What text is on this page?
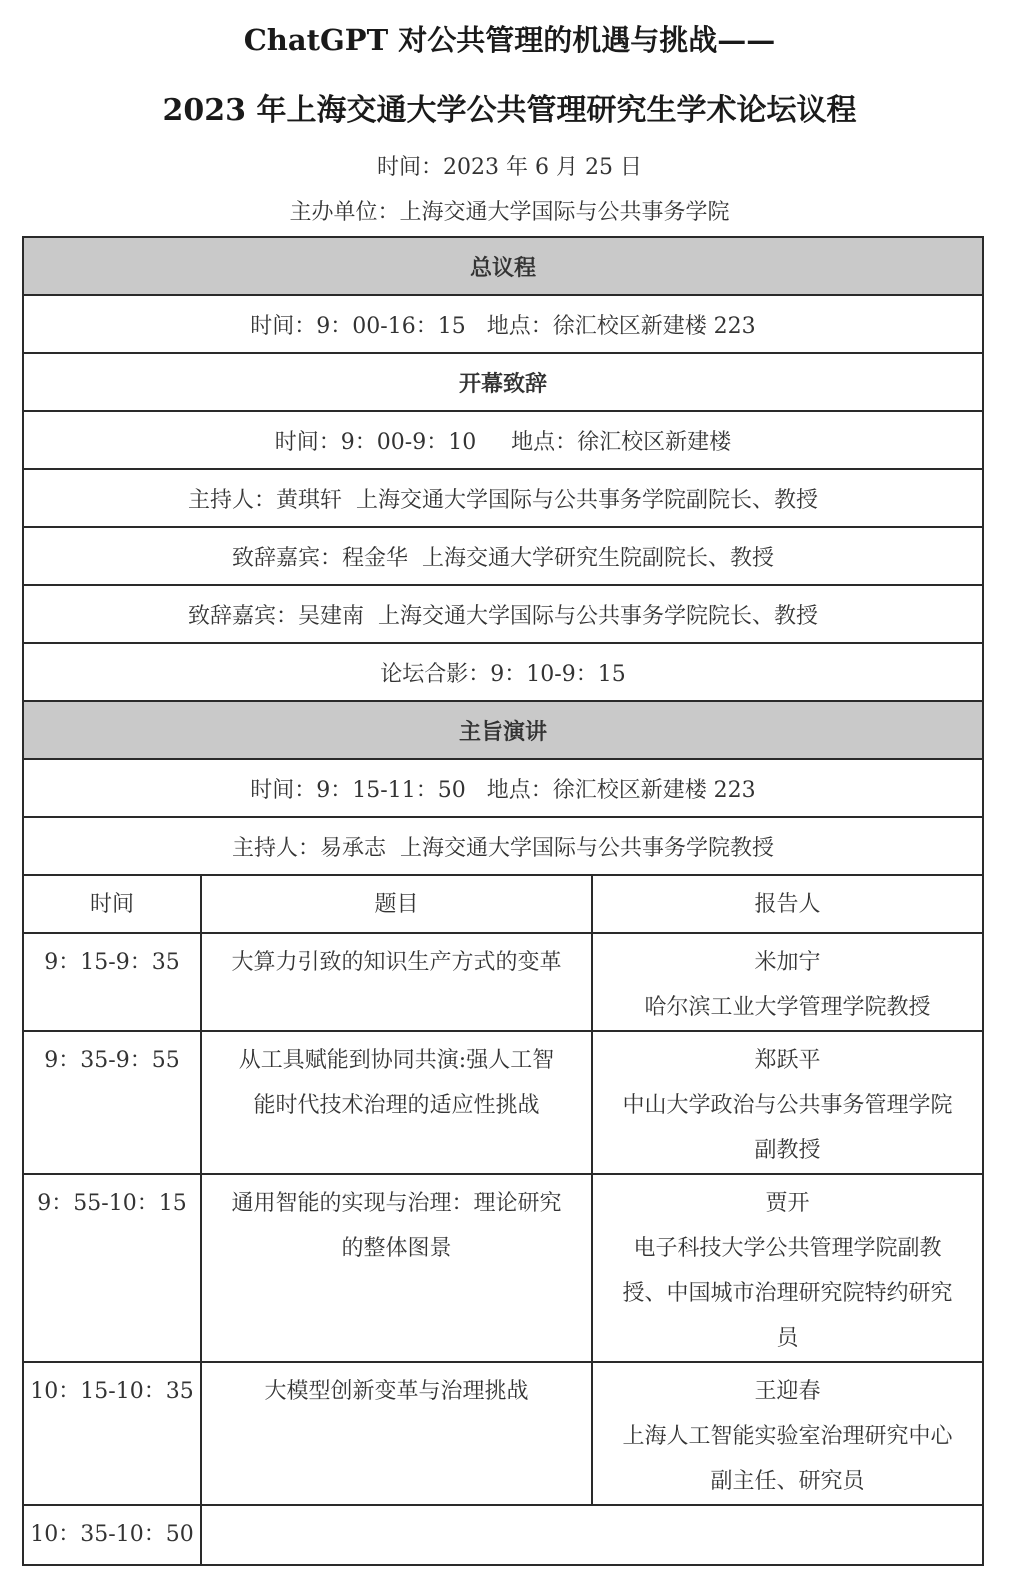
ChatGPT 对公共管理的机遇与挑战——
2023 年上海交通大学公共管理研究生学术论坛议程
时间：2023 年 6 月 25 日
主办单位：上海交通大学国际与公共事务学院
总议程		
时间：9：00-16：15   地点：徐汇校区新建楼 223		
开幕致辞		
时间：9：00-9：10     地点：徐汇校区新建楼		
主持人：黄琪轩  上海交通大学国际与公共事务学院副院长、教授		
致辞嘉宾：程金华  上海交通大学研究生院副院长、教授		
致辞嘉宾：吴建南  上海交通大学国际与公共事务学院院长、教授		
论坛合影：9：10-9：15		
主旨演讲		
时间：9：15-11：50   地点：徐汇校区新建楼 223		
主持人：易承志  上海交通大学国际与公共事务学院教授		
时间	题目	报告人
9：15-9：35	大算力引致的知识生产方式的变革	米加宁
哈尔滨工业大学管理学院教授

9：35-9：55	从工具赋能到协同共演:强人工智
能时代技术治理的适应性挑战	郑跃平
中山大学政治与公共事务管理学院
副教授

9：55-10：15	通用智能的实现与治理：理论研究
的整体图景	贾开
电子科技大学公共管理学院副教
授、中国城市治理研究院特约研究
员

10：15-10：35	大模型创新变革与治理挑战	王迎春
上海人工智能实验室治理研究中心
副主任、研究员

10：35-10：50		
